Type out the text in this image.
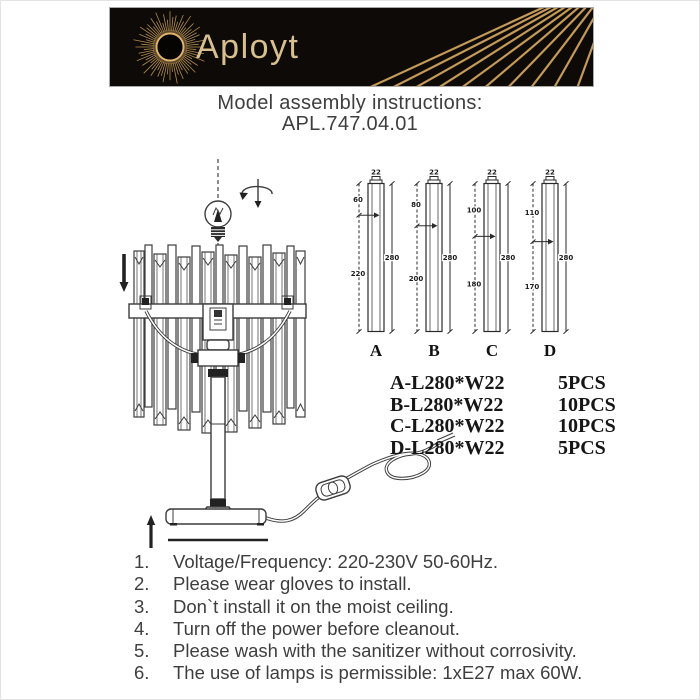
Aployt
Model assembly instructions:
APL.747.04.01
22
60
220
280
A
22
80
200
280
B
22
100
180
280
C
22
110
170
280
D
A-L280*W22	5PCS
B-L280*W22	10PCS
C-L280*W22	10PCS
D-L280*W22	5PCS
1.	Voltage/Frequency: 220-230V 50-60Hz.
2.	Please wear gloves to install.
3.	Don`t install it on the moist ceiling.
4.	Turn off the power before cleanout.
5.	Please wash with the sanitizer without corrosivity.
6.	The use of lamps is permissible: 1xE27 max 60W.
